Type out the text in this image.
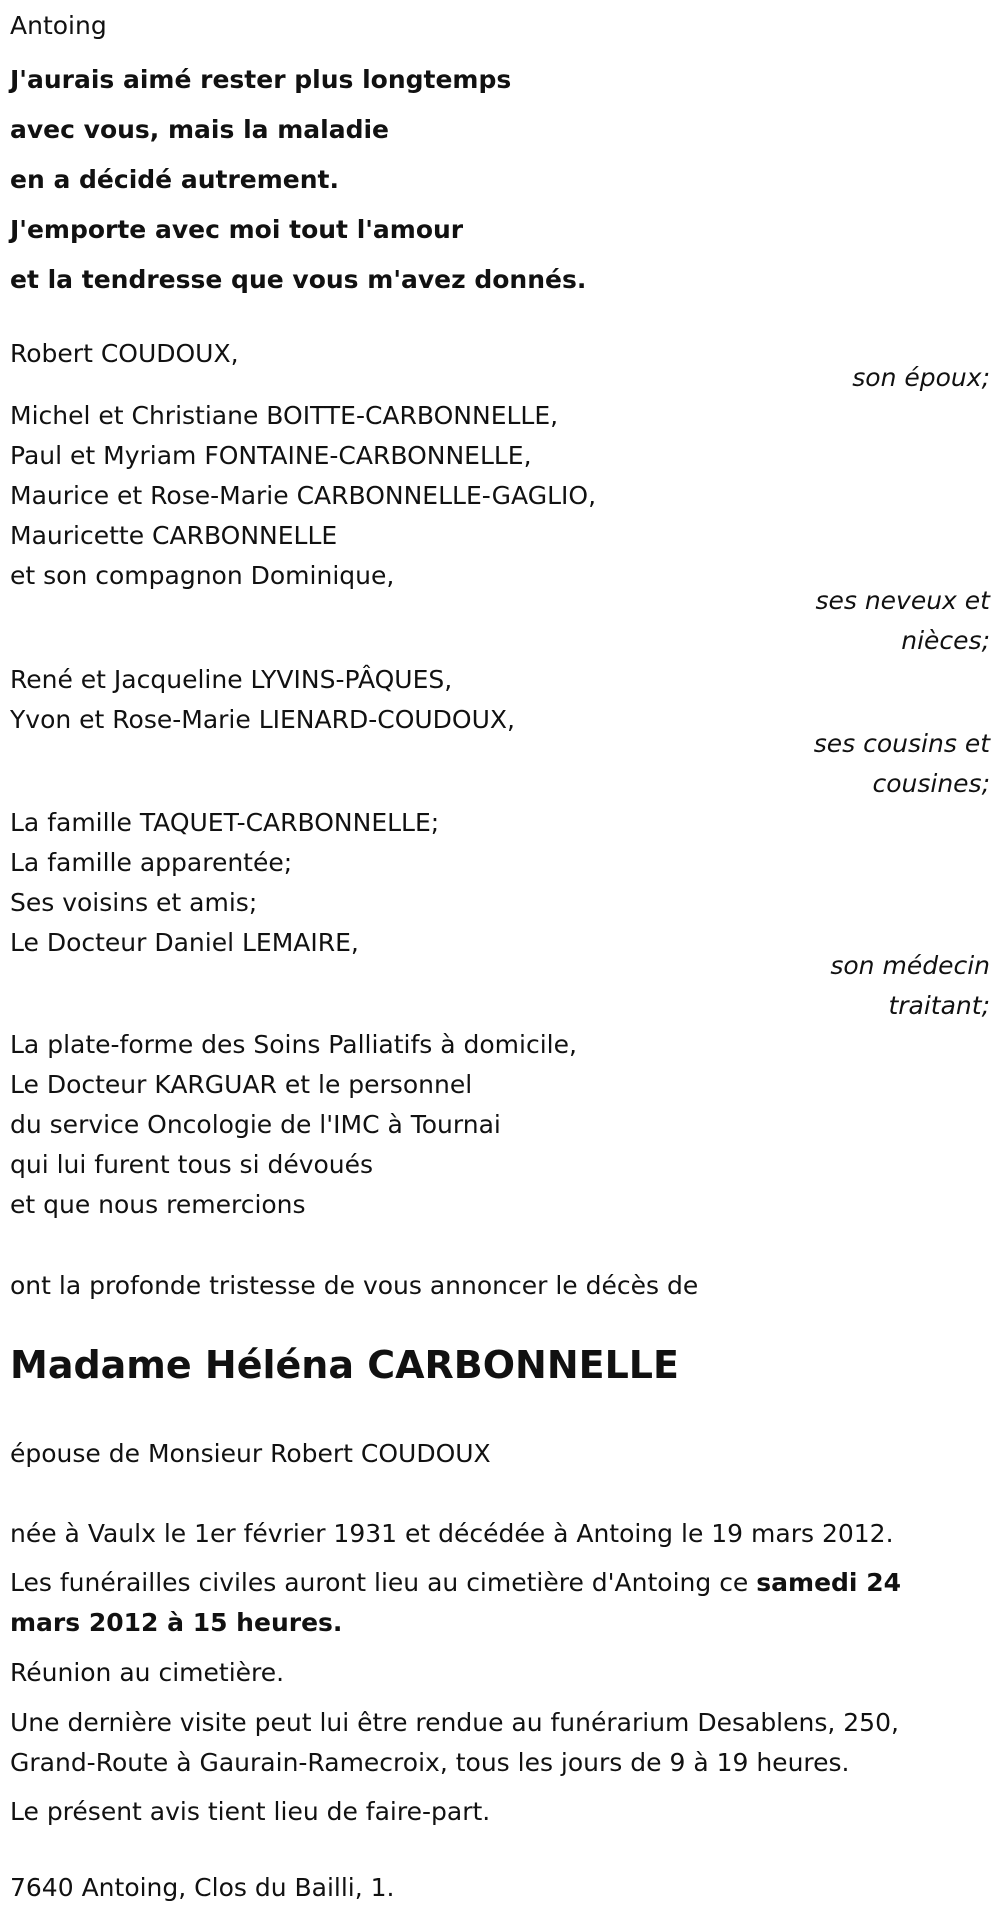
Antoing
J'aurais aimé rester plus longtemps
avec vous, mais la maladie
en a décidé autrement.
J'emporte avec moi tout l'amour
et la tendresse que vous m'avez donnés.
Robert COUDOUX,
son époux;
Michel et Christiane BOITTE-CARBONNELLE,
Paul et Myriam FONTAINE-CARBONNELLE,
Maurice et Rose-Marie CARBONNELLE-GAGLIO,
Mauricette CARBONNELLE
et son compagnon Dominique,
ses neveux et
nièces;
René et Jacqueline LYVINS-PÂQUES,
Yvon et Rose-Marie LIENARD-COUDOUX,
ses cousins et
cousines;
La famille TAQUET-CARBONNELLE;
La famille apparentée;
Ses voisins et amis;
Le Docteur Daniel LEMAIRE,
son médecin
traitant;
La plate-forme des Soins Palliatifs à domicile,
Le Docteur KARGUAR et le personnel
du service Oncologie de l'IMC à Tournai
qui lui furent tous si dévoués
et que nous remercions
ont la profonde tristesse de vous annoncer le décès de
Madame Héléna CARBONNELLE
épouse de Monsieur Robert COUDOUX
née à Vaulx le 1er février 1931 et décédée à Antoing le 19 mars 2012.
Les funérailles civiles auront lieu au cimetière d'Antoing ce samedi 24 mars 2012 à 15 heures.
Réunion au cimetière.
Une dernière visite peut lui être rendue au funérarium Desablens, 250, Grand-Route à Gaurain-Ramecroix, tous les jours de 9 à 19 heures.
Le présent avis tient lieu de faire-part.
7640 Antoing, Clos du Bailli, 1.
